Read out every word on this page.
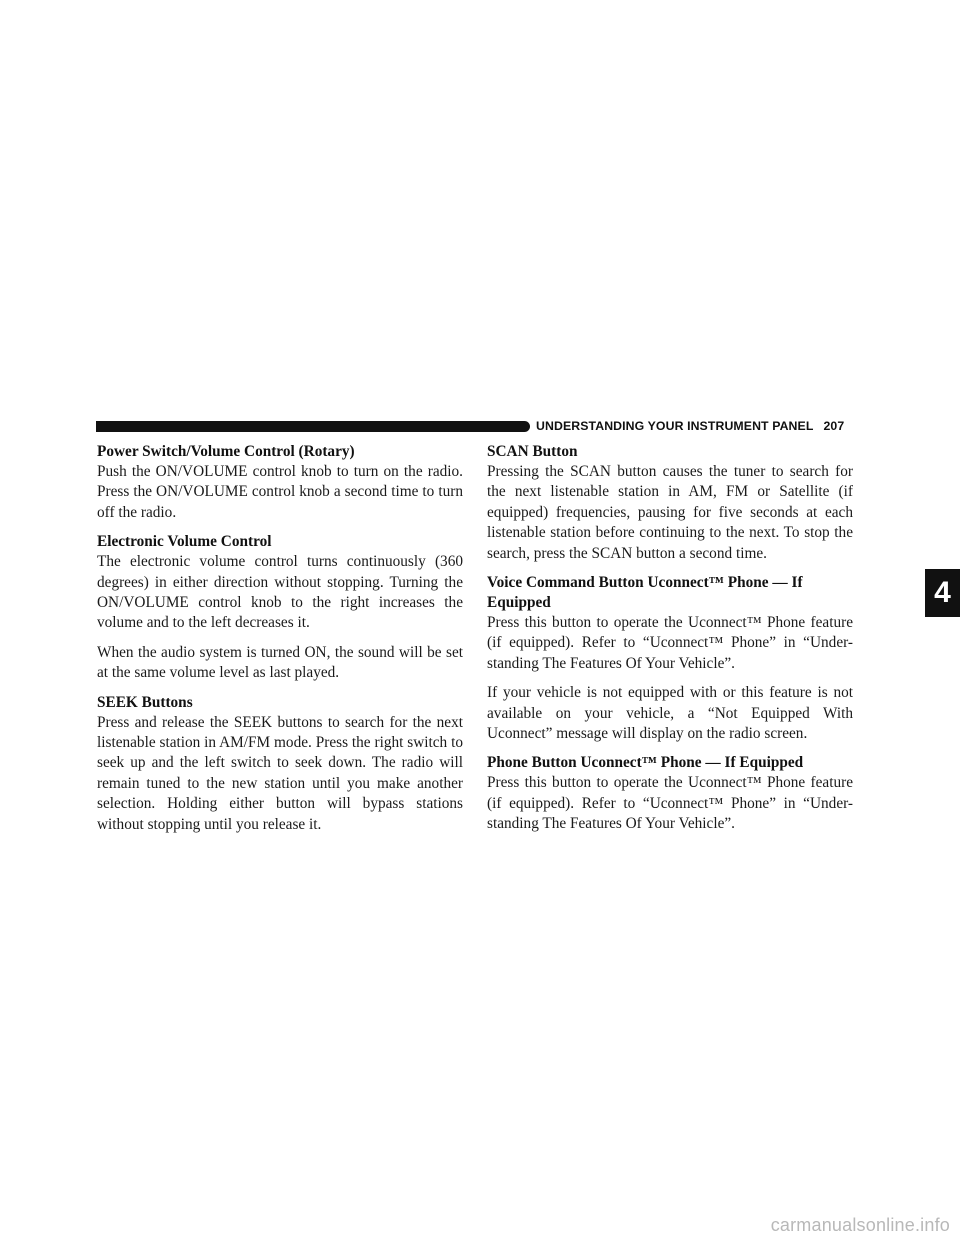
UNDERSTANDING YOUR INSTRUMENT PANEL 207
Power Switch/Volume Control (Rotary)

Push the ON/VOLUME control knob to turn on the radio. Press the ON/VOLUME control knob a second time to turn off the radio.

Electronic Volume Control

The electronic volume control turns continuously (360 degrees) in either direction without stopping. Turning the ON/VOLUME control knob to the right increases the volume and to the left decreases it.

When the audio system is turned ON, the sound will be set at the same volume level as last played.

SEEK Buttons

Press and release the SEEK buttons to search for the next listenable station in AM/FM mode. Press the right switch to seek up and the left switch to seek down. The radio will remain tuned to the new station until you make another selection. Holding either button will bypass stations without stopping until you release it.

SCAN Button

Pressing the SCAN button causes the tuner to search for the next listenable station in AM, FM or Satellite (if equipped) frequencies, pausing for five seconds at each listenable station before continuing to the next. To stop the search, press the SCAN button a second time.

Voice Command Button Uconnect™ Phone — If Equipped

Press this button to operate the Uconnect™ Phone feature (if equipped). Refer to “Uconnect™ Phone” in “Under-standing The Features Of Your Vehicle”.

If your vehicle is not equipped with or this feature is not available on your vehicle, a “Not Equipped With Uconnect” message will display on the radio screen.

Phone Button Uconnect™ Phone — If Equipped

Press this button to operate the Uconnect™ Phone feature (if equipped). Refer to “Uconnect™ Phone” in “Under-standing The Features Of Your Vehicle”.

4
carmanualsonline.info
